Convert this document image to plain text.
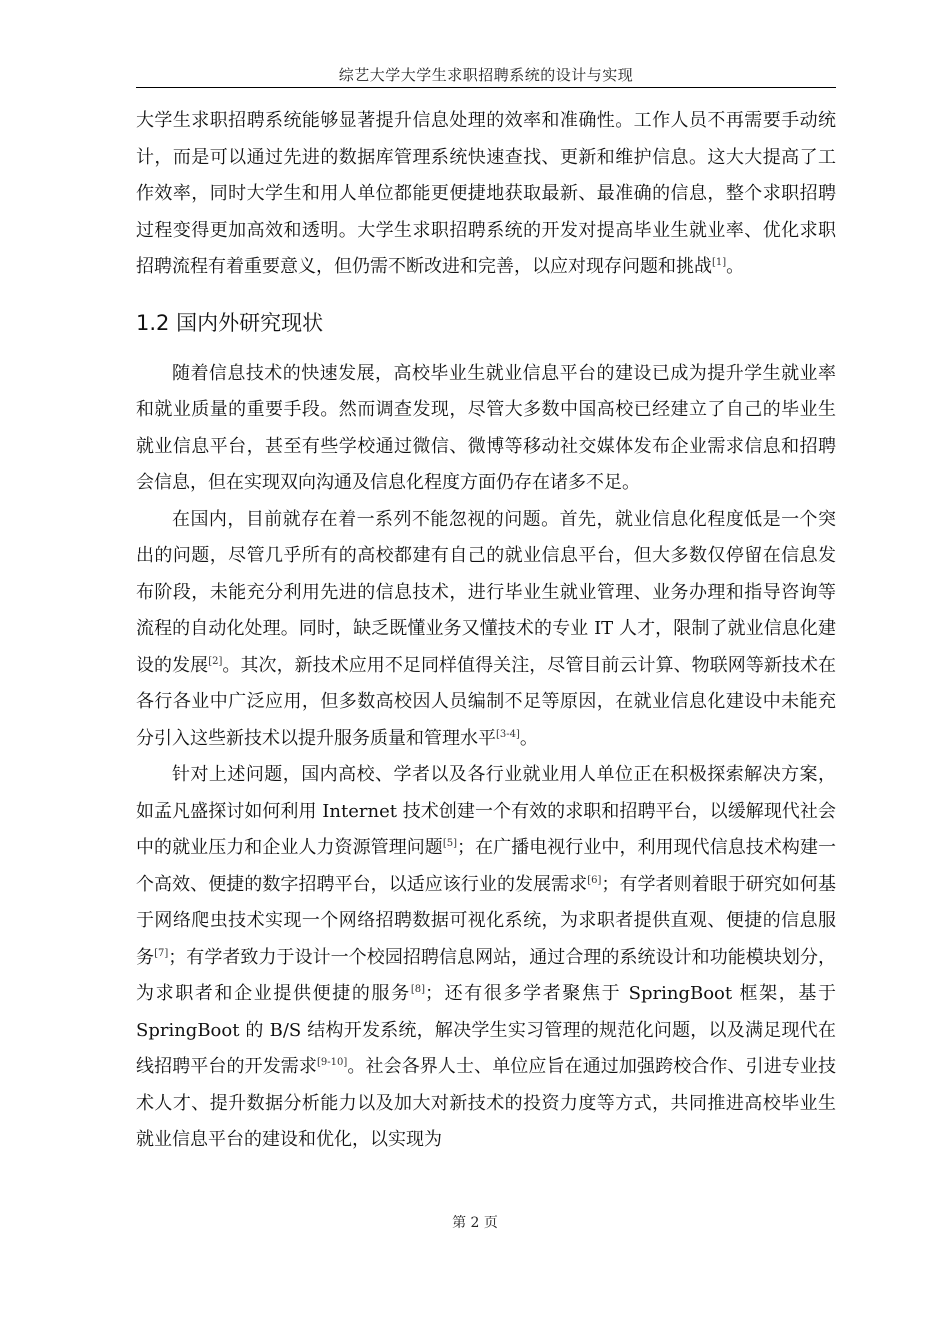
综艺大学大学生求职招聘系统的设计与实现

大学生求职招聘系统能够显著提升信息处理的效率和准确性。工作人员不再需要手动统计，而是可以通过先进的数据库管理系统快速查找、更新和维护信息。这大大提高了工作效率，同时大学生和用人单位都能更便捷地获取最新、最准确的信息，整个求职招聘过程变得更加高效和透明。大学生求职招聘系统的开发对提高毕业生就业率、优化求职招聘流程有着重要意义，但仍需不断改进和完善，以应对现存问题和挑战[1]。

1.2 国内外研究现状

随着信息技术的快速发展，高校毕业生就业信息平台的建设已成为提升学生就业率和就业质量的重要手段。然而调查发现，尽管大多数中国高校已经建立了自己的毕业生就业信息平台，甚至有些学校通过微信、微博等移动社交媒体发布企业需求信息和招聘会信息，但在实现双向沟通及信息化程度方面仍存在诸多不足。

在国内，目前就存在着一系列不能忽视的问题。首先，就业信息化程度低是一个突出的问题，尽管几乎所有的高校都建有自己的就业信息平台，但大多数仅停留在信息发布阶段，未能充分利用先进的信息技术，进行毕业生就业管理、业务办理和指导咨询等流程的自动化处理。同时，缺乏既懂业务又懂技术的专业 IT 人才，限制了就业信息化建设的发展[2]。其次，新技术应用不足同样值得关注，尽管目前云计算、物联网等新技术在各行各业中广泛应用，但多数高校因人员编制不足等原因，在就业信息化建设中未能充分引入这些新技术以提升服务质量和管理水平[3-4]。

针对上述问题，国内高校、学者以及各行业就业用人单位正在积极探索解决方案，如孟凡盛探讨如何利用 Internet 技术创建一个有效的求职和招聘平台，以缓解现代社会中的就业压力和企业人力资源管理问题[5]；在广播电视行业中，利用现代信息技术构建一个高效、便捷的数字招聘平台，以适应该行业的发展需求[6]；有学者则着眼于研究如何基于网络爬虫技术实现一个网络招聘数据可视化系统，为求职者提供直观、便捷的信息服务[7]；有学者致力于设计一个校园招聘信息网站，通过合理的系统设计和功能模块划分，为求职者和企业提供便捷的服务[8]；还有很多学者聚焦于 SpringBoot 框架，基于 SpringBoot 的 B/S 结构开发系统，解决学生实习管理的规范化问题，以及满足现代在线招聘平台的开发需求[9-10]。社会各界人士、单位应旨在通过加强跨校合作、引进专业技术人才、提升数据分析能力以及加大对新技术的投资力度等方式，共同推进高校毕业生就业信息平台的建设和优化，以实现为

第 2 页
